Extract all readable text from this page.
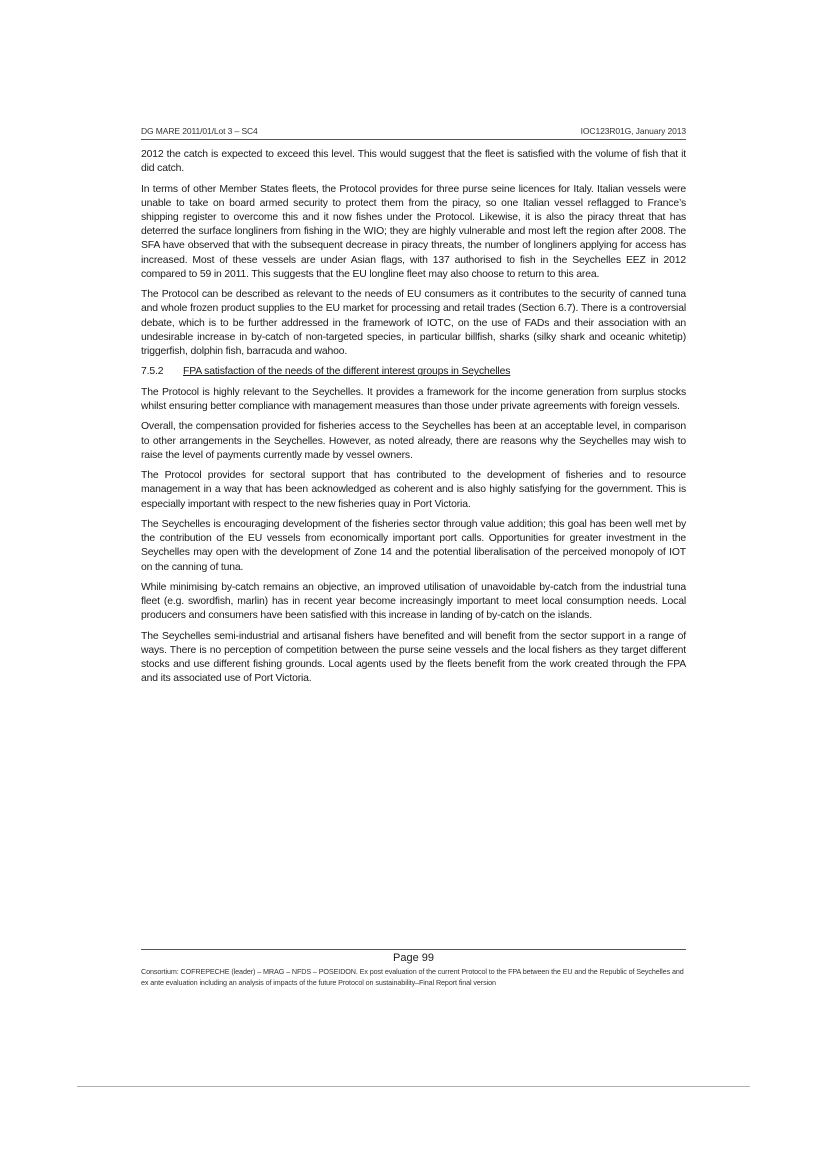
DG MARE 2011/01/Lot 3 – SC4	IOC123R01G, January 2013

2012 the catch is expected to exceed this level. This would suggest that the fleet is satisfied with the volume of fish that it did catch.

In terms of other Member States fleets, the Protocol provides for three purse seine licences for Italy. Italian vessels were unable to take on board armed security to protect them from the piracy, so one Italian vessel reflagged to France’s shipping register to overcome this and it now fishes under the Protocol. Likewise, it is also the piracy threat that has deterred the surface longliners from fishing in the WIO; they are highly vulnerable and most left the region after 2008. The SFA have observed that with the subsequent decrease in piracy threats, the number of longliners applying for access has increased. Most of these vessels are under Asian flags, with 137 authorised to fish in the Seychelles EEZ in 2012 compared to 59 in 2011. This suggests that the EU longline fleet may also choose to return to this area.

The Protocol can be described as relevant to the needs of EU consumers as it contributes to the security of canned tuna and whole frozen product supplies to the EU market for processing and retail trades (Section 6.7). There is a controversial debate, which is to be further addressed in the framework of IOTC, on the use of FADs and their association with an undesirable increase in by-catch of non-targeted species, in particular billfish, sharks (silky shark and oceanic whitetip) triggerfish, dolphin fish, barracuda and wahoo.

7.5.2	FPA satisfaction of the needs of the different interest groups in Seychelles

The Protocol is highly relevant to the Seychelles. It provides a framework for the income generation from surplus stocks whilst ensuring better compliance with management measures than those under private agreements with foreign vessels.

Overall, the compensation provided for fisheries access to the Seychelles has been at an acceptable level, in comparison to other arrangements in the Seychelles. However, as noted already, there are reasons why the Seychelles may wish to raise the level of payments currently made by vessel owners.

The Protocol provides for sectoral support that has contributed to the development of fisheries and to resource management in a way that has been acknowledged as coherent and is also highly satisfying for the government. This is especially important with respect to the new fisheries quay in Port Victoria.

The Seychelles is encouraging development of the fisheries sector through value addition; this goal has been well met by the contribution of the EU vessels from economically important port calls. Opportunities for greater investment in the Seychelles may open with the development of Zone 14 and the potential liberalisation of the perceived monopoly of IOT on the canning of tuna.

While minimising by-catch remains an objective, an improved utilisation of unavoidable by-catch from the industrial tuna fleet (e.g. swordfish, marlin) has in recent year become increasingly important to meet local consumption needs. Local producers and consumers have been satisfied with this increase in landing of by-catch on the islands.

The Seychelles semi-industrial and artisanal fishers have benefited and will benefit from the sector support in a range of ways. There is no perception of competition between the purse seine vessels and the local fishers as they target different stocks and use different fishing grounds. Local agents used by the fleets benefit from the work created through the FPA and its associated use of Port Victoria.

Page 99
Consortium: COFREPECHE (leader) – MRAG – NFDS – POSEIDON. Ex post evaluation of the current Protocol to the FPA between the EU and the Republic of Seychelles and ex ante evaluation including an analysis of impacts of the future Protocol on sustainability–Final Report final version
